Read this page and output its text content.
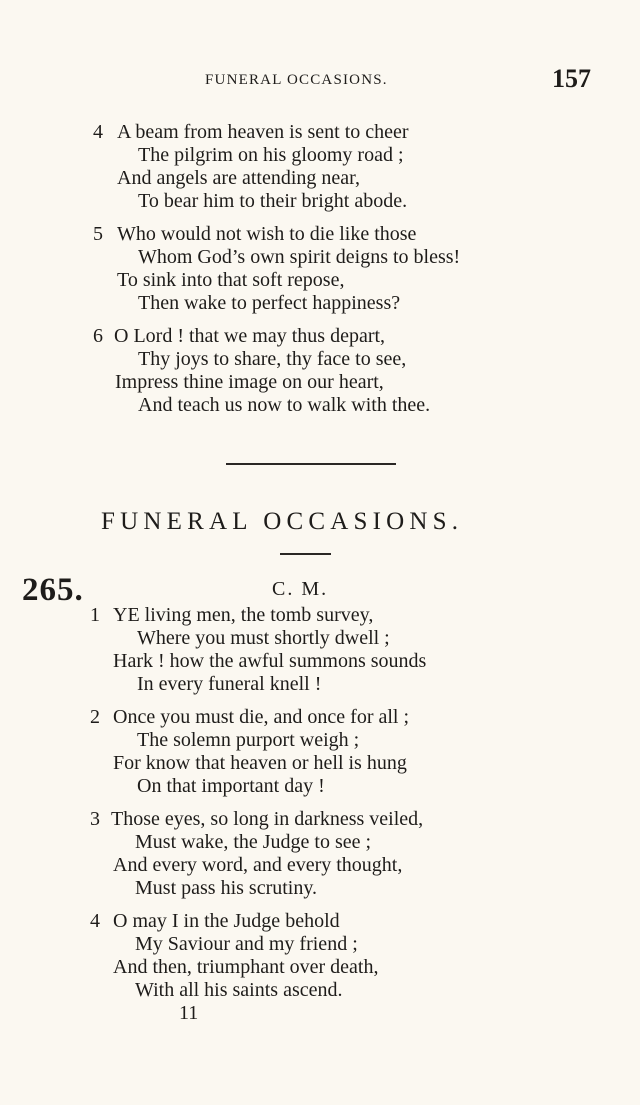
FUNERAL OCCASIONS.	157
4 A beam from heaven is sent to cheer
The pilgrim on his gloomy road ;
And angels are attending near,
To bear him to their bright abode.
5 Who would not wish to die like those
Whom God’s own spirit deigns to bless!
To sink into that soft repose,
Then wake to perfect happiness?
6 O Lord ! that we may thus depart,
Thy joys to share, thy face to see,
Impress thine image on our heart,
And teach us now to walk with thee.
FUNERAL OCCASIONS.
265.	C. M.
1 YE living men, the tomb survey,
Where you must shortly dwell ;
Hark ! how the awful summons sounds
In every funeral knell !
2 Once you must die, and once for all ;
The solemn purport weigh ;
For know that heaven or hell is hung
On that important day !
3 Those eyes, so long in darkness veiled,
Must wake, the Judge to see ;
And every word, and every thought,
Must pass his scrutiny.
4 O may I in the Judge behold
My Saviour and my friend ;
And then, triumphant over death,
With all his saints ascend.
11
